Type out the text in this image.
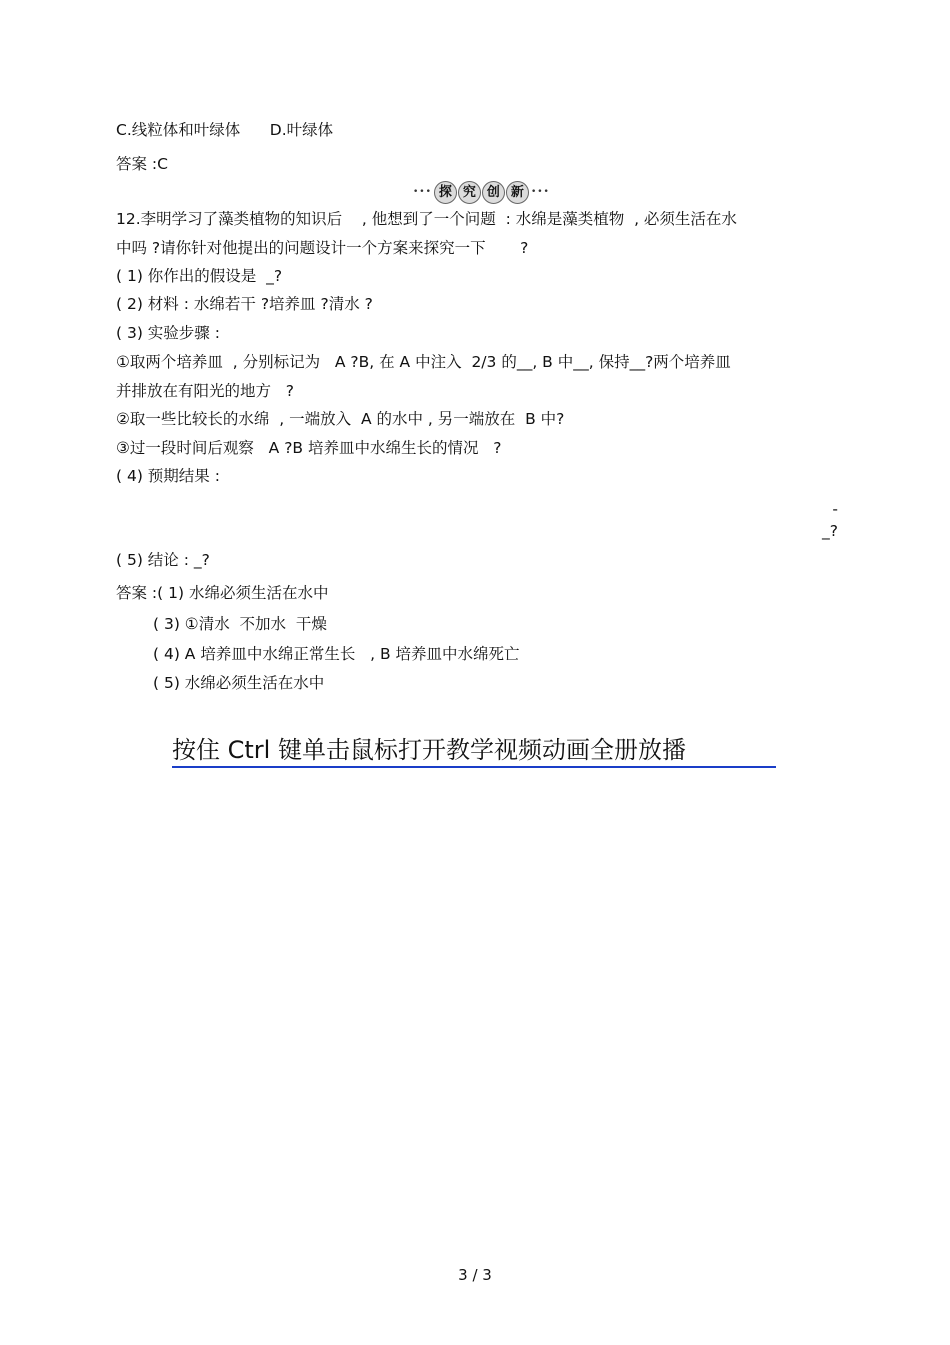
C.线粒体和叶绿体      D.叶绿体
答案 :C
••• 探 究 创 新 •••
12.李明学习了藻类植物的知识后    , 他想到了一个问题  : 水绵是藻类植物  , 必须生活在水
中吗 ?请你针对他提出的问题设计一个方案来探究一下       ?
( 1) 你作出的假设是  _?
( 2) 材料 : 水绵若干 ?培养皿 ?清水 ?
( 3) 实验步骤 :
①取两个培养皿  , 分别标记为   A ?B, 在 A 中注入  2/3 的__, B 中__, 保持__?两个培养皿
并排放在有阳光的地方   ?
②取一些比较长的水绵  , 一端放入  A 的水中 , 另一端放在  B 中?
③过一段时间后观察   A ?B 培养皿中水绵生长的情况   ?
( 4) 预期结果 :
-
_?
( 5) 结论 : _?
答案 :( 1) 水绵必须生活在水中
( 3) ①清水  不加水  干燥
( 4) A 培养皿中水绵正常生长   , B 培养皿中水绵死亡
( 5) 水绵必须生活在水中
按住 Ctrl 键单击鼠标打开教学视频动画全册放播
3 / 3
